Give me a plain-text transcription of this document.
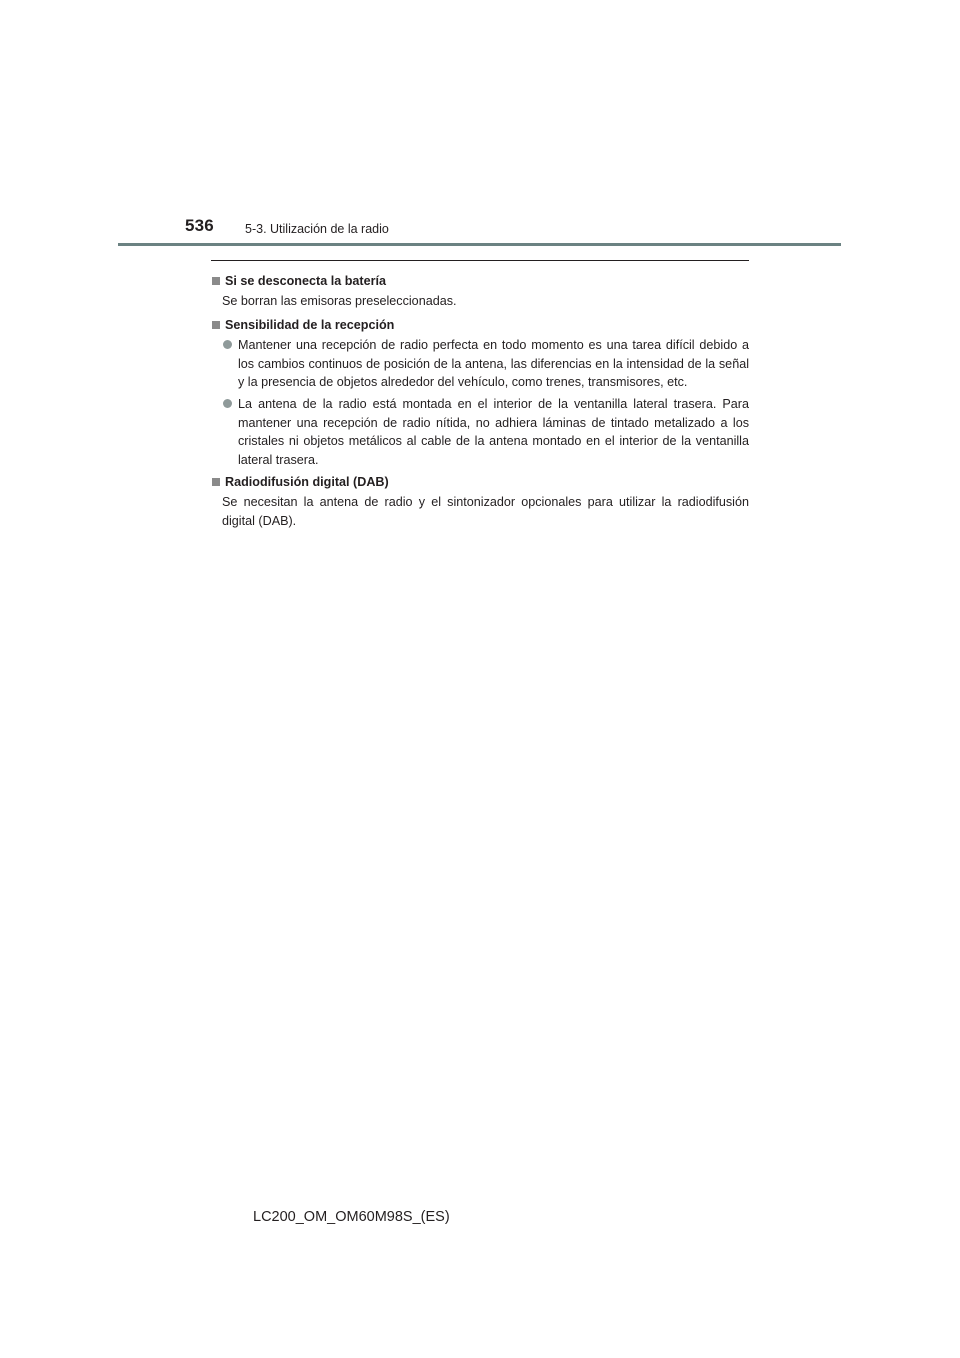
536 5-3. Utilización de la radio
Si se desconecta la batería
Se borran las emisoras preseleccionadas.
Sensibilidad de la recepción
Mantener una recepción de radio perfecta en todo momento es una tarea difícil debido a los cambios continuos de posición de la antena, las diferencias en la intensidad de la señal y la presencia de objetos alrededor del vehículo, como trenes, transmisores, etc.
La antena de la radio está montada en el interior de la ventanilla lateral trasera. Para mantener una recepción de radio nítida, no adhiera láminas de tintado metalizado a los cristales ni objetos metálicos al cable de la antena montado en el interior de la ventanilla lateral trasera.
Radiodifusión digital (DAB)
Se necesitan la antena de radio y el sintonizador opcionales para utilizar la radiodifusión digital (DAB).
LC200_OM_OM60M98S_(ES)
